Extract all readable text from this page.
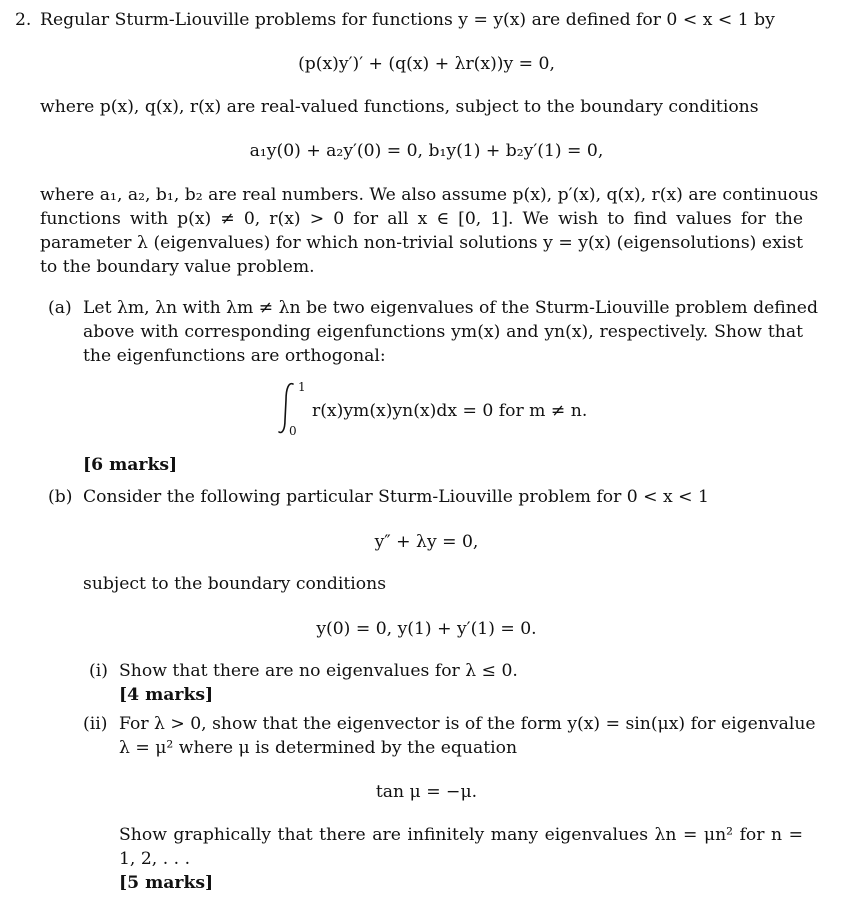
2. Regular Sturm-Liouville problems for functions y = y(x) are defined for 0 < x < 1 by
(p(x)y′)′ + (q(x) + λr(x))y = 0,
where p(x), q(x), r(x) are real-valued functions, subject to the boundary conditions
a₁y(0) + a₂y′(0) = 0, b₁y(1) + b₂y′(1) = 0,
where a₁, a₂, b₁, b₂ are real numbers. We also assume p(x), p′(x), q(x), r(x) are continuous
functions with p(x) ≠ 0, r(x) > 0 for all x ∈ [0, 1]. We wish to find values for the
parameter λ (eigenvalues) for which non-trivial solutions y = y(x) (eigensolutions) exist
to the boundary value problem.
(a) Let λm, λn with λm ≠ λn be two eigenvalues of the Sturm-Liouville problem defined
above with corresponding eigenfunctions ym(x) and yn(x), respectively. Show that
the eigenfunctions are orthogonal:
1
0
r(x)ym(x)yn(x)dx = 0 for m ≠ n.
[6 marks]
(b) Consider the following particular Sturm-Liouville problem for 0 < x < 1
y″ + λy = 0,
subject to the boundary conditions
y(0) = 0, y(1) + y′(1) = 0.
(i) Show that there are no eigenvalues for λ ≤ 0.
[4 marks]
(ii) For λ > 0, show that the eigenvector is of the form y(x) = sin(μx) for eigenvalue
λ = μ² where μ is determined by the equation
tan μ = −μ.
Show graphically that there are infinitely many eigenvalues λn = μn² for n =
1, 2, . . .
[5 marks]
